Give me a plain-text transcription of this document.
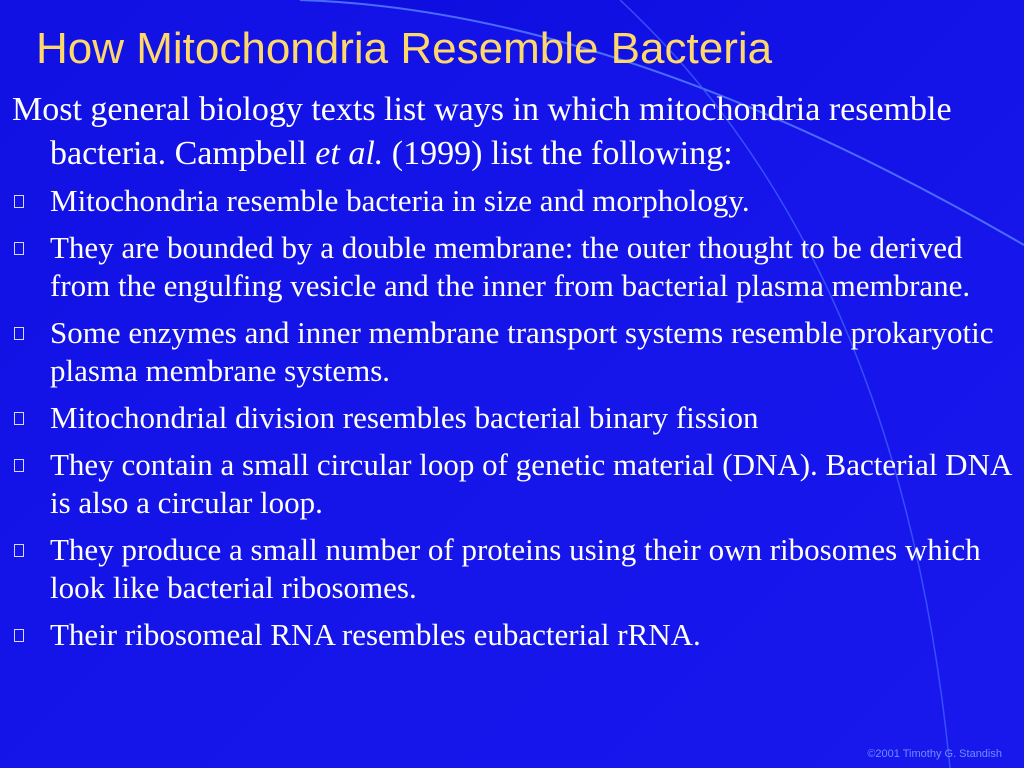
How Mitochondria Resemble Bacteria

Most general biology texts list ways in which mitochondria resemble bacteria. Campbell et al. (1999) list the following:

Mitochondria resemble bacteria in size and morphology.
They are bounded by a double membrane: the outer thought to be derived from the engulfing vesicle and the inner from bacterial plasma membrane.
Some enzymes and inner membrane transport systems resemble prokaryotic plasma membrane systems.
Mitochondrial division resembles bacterial binary fission
They contain a small circular loop of genetic material (DNA). Bacterial DNA is also a circular loop.
They produce a small number of proteins using their own ribosomes which look like bacterial ribosomes.
Their ribosomeal RNA resembles eubacterial rRNA.
©2001 Timothy G. Standish
